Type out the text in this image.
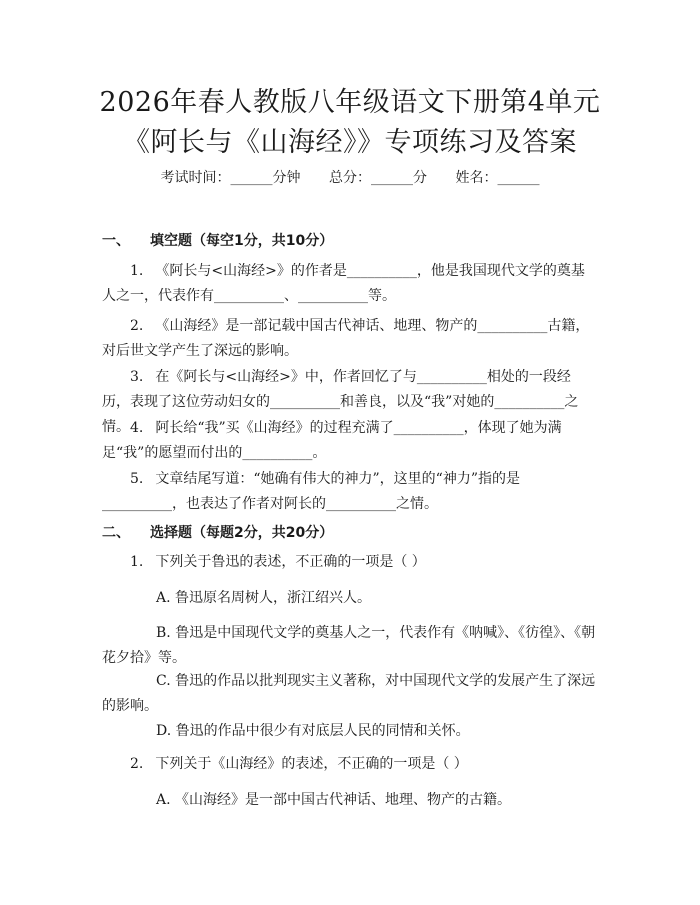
2026年春人教版八年级语文下册第4单元
《阿长与《山海经》》专项练习及答案
考试时间：______分钟 总分：______分 姓名：______
一、 填空题（每空1分，共10分）
1. 《阿长与<山海经>》的作者是__________，他是我国现代文学的奠基人之一，代表作有__________、__________等。
2. 《山海经》是一部记载中国古代神话、地理、物产的__________古籍，对后世文学产生了深远的影响。
3. 在《阿长与<山海经>》中，作者回忆了与__________相处的一段经历，表现了这位劳动妇女的__________和善良，以及“我”对她的__________之情。 4. 阿长给“我”买《山海经》的过程充满了__________，体现了她为满足“我”的愿望而付出的__________。
5. 文章结尾写道：“她确有伟大的神力”，这里的“神力”指的是__________，也表达了作者对阿长的__________之情。
二、 选择题（每题2分，共20分）
1. 下列关于鲁迅的表述，不正确的一项是（ ）
A. 鲁迅原名周树人，浙江绍兴人。
B. 鲁迅是中国现代文学的奠基人之一，代表作有《呐喊》、《彷徨》、《朝花夕拾》等。
C. 鲁迅的作品以批判现实主义著称，对中国现代文学的发展产生了深远的影响。
D. 鲁迅的作品中很少有对底层人民的同情和关怀。
2. 下列关于《山海经》的表述，不正确的一项是（ ）
A. 《山海经》是一部中国古代神话、地理、物产的古籍。
